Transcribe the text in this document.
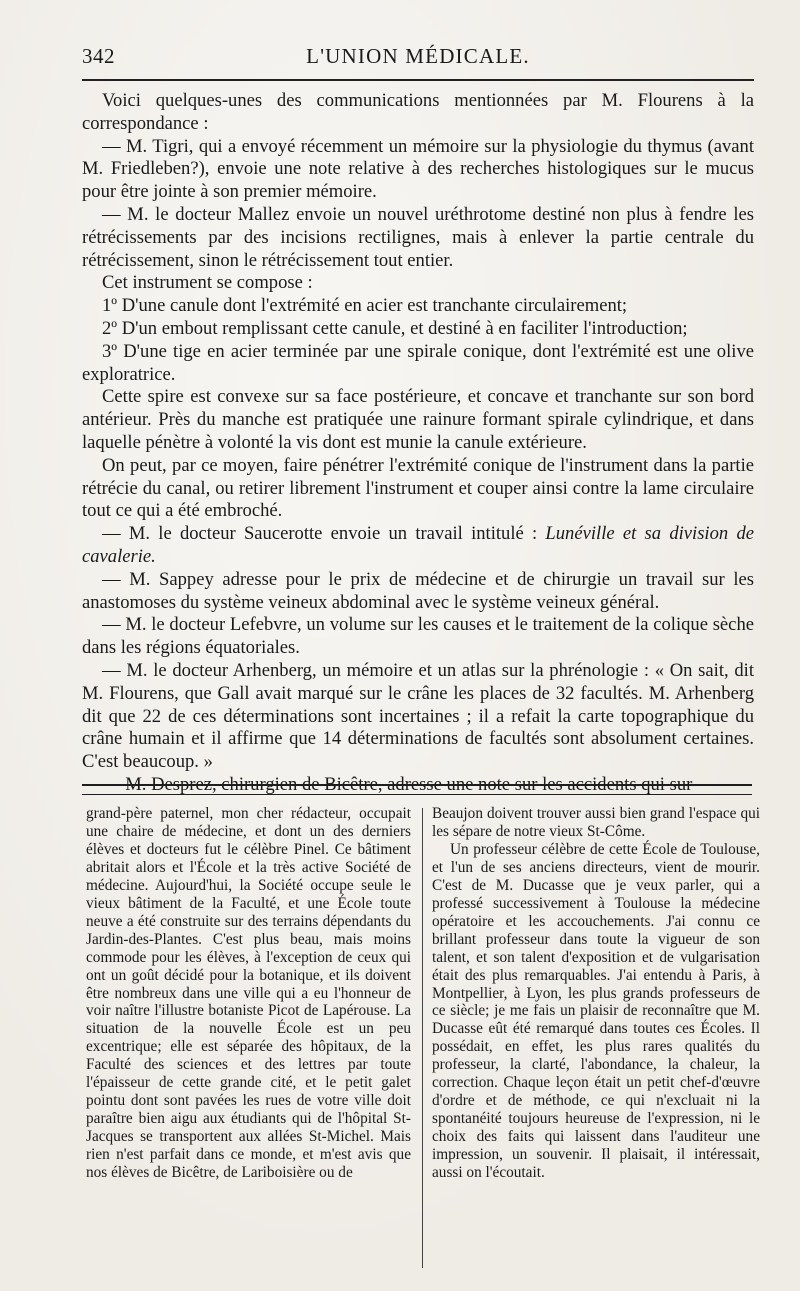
342	L'UNION MÉDICALE.

Voici quelques-unes des communications mentionnées par M. Flourens à la correspondance :

— M. Tigri, qui a envoyé récemment un mémoire sur la physiologie du thymus (avant M. Friedleben?), envoie une note relative à des recherches histologiques sur le mucus pour être jointe à son premier mémoire.

— M. le docteur Mallez envoie un nouvel uréthrotome destiné non plus à fendre les rétrécissements par des incisions rectilignes, mais à enlever la partie centrale du rétrécissement, sinon le rétrécissement tout entier.

Cet instrument se compose :

1º D'une canule dont l'extrémité en acier est tranchante circulairement;

2º D'un embout remplissant cette canule, et destiné à en faciliter l'introduction;

3º D'une tige en acier terminée par une spirale conique, dont l'extrémité est une olive exploratrice.

Cette spire est convexe sur sa face postérieure, et concave et tranchante sur son bord antérieur. Près du manche est pratiquée une rainure formant spirale cylindrique, et dans laquelle pénètre à volonté la vis dont est munie la canule extérieure.

On peut, par ce moyen, faire pénétrer l'extrémité conique de l'instrument dans la partie rétrécie du canal, ou retirer librement l'instrument et couper ainsi contre la lame circulaire tout ce qui a été embroché.

— M. le docteur Saucerotte envoie un travail intitulé : Lunéville et sa division de cavalerie.

— M. Sappey adresse pour le prix de médecine et de chirurgie un travail sur les anastomoses du système veineux abdominal avec le système veineux général.

— M. le docteur Lefebvre, un volume sur les causes et le traitement de la colique sèche dans les régions équatoriales.

— M. le docteur Arhenberg, un mémoire et un atlas sur la phrénologie : « On sait, dit M. Flourens, que Gall avait marqué sur le crâne les places de 32 facultés. M. Arhenberg dit que 22 de ces déterminations sont incertaines ; il a refait la carte topographique du crâne humain et il affirme que 14 déterminations de facultés sont absolument certaines. C'est beaucoup. »

— M. Desprez, chirurgien de Bicêtre, adresse une note sur les accidents qui sur-

grand-père paternel, mon cher rédacteur, occupait une chaire de médecine, et dont un des derniers élèves et docteurs fut le célèbre Pinel. Ce bâtiment abritait alors et l'École et la très active Société de médecine. Aujourd'hui, la Société occupe seule le vieux bâtiment de la Faculté, et une École toute neuve a été construite sur des terrains dépendants du Jardin-des-Plantes. C'est plus beau, mais moins commode pour les élèves, à l'exception de ceux qui ont un goût décidé pour la botanique, et ils doivent être nombreux dans une ville qui a eu l'honneur de voir naître l'illustre botaniste Picot de Lapérouse. La situation de la nouvelle École est un peu excentrique; elle est séparée des hôpitaux, de la Faculté des sciences et des lettres par toute l'épaisseur de cette grande cité, et le petit galet pointu dont sont pavées les rues de votre ville doit paraître bien aigu aux étudiants qui de l'hôpital St-Jacques se transportent aux allées St-Michel. Mais rien n'est parfait dans ce monde, et m'est avis que nos élèves de Bicêtre, de Lariboisière ou de

Beaujon doivent trouver aussi bien grand l'espace qui les sépare de notre vieux St-Côme.

Un professeur célèbre de cette École de Toulouse, et l'un de ses anciens directeurs, vient de mourir. C'est de M. Ducasse que je veux parler, qui a professé successivement à Toulouse la médecine opératoire et les accouchements. J'ai connu ce brillant professeur dans toute la vigueur de son talent, et son talent d'exposition et de vulgarisation était des plus remarquables. J'ai entendu à Paris, à Montpellier, à Lyon, les plus grands professeurs de ce siècle; je me fais un plaisir de reconnaître que M. Ducasse eût été remarqué dans toutes ces Écoles. Il possédait, en effet, les plus rares qualités du professeur, la clarté, l'abondance, la chaleur, la correction. Chaque leçon était un petit chef-d'œuvre d'ordre et de méthode, ce qui n'excluait ni la spontanéité toujours heureuse de l'expression, ni le choix des faits qui laissent dans l'auditeur une impression, un souvenir. Il plaisait, il intéressait, aussi on l'écoutait.
